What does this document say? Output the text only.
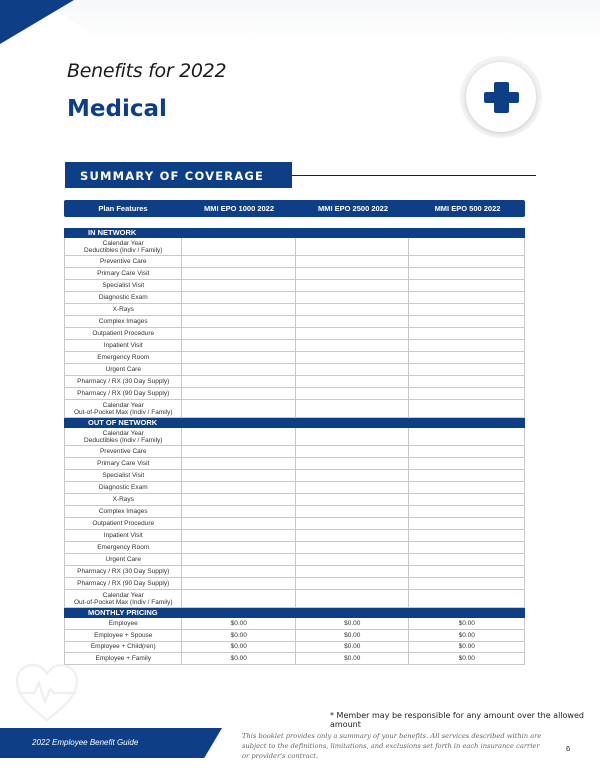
Benefits for 2022
Medical
SUMMARY OF COVERAGE
Plan Features	MMI EPO 1000 2022	MMI EPO 2500 2022	MMI EPO 500 2022
IN NETWORK
Calendar Year
Deductibles (Indiv / Family)
Preventive Care
Primary Care Visit
Specialist Visit
Diagnostic Exam
X-Rays
Complex Images
Outpatient Procedure
Inpatient Visit
Emergency Room
Urgent Care
Pharmacy / RX (30 Day Supply)
Pharmacy / RX (90 Day Supply)
Calendar Year
Out-of-Pocket Max (Indiv / Family)
OUT OF NETWORK
Calendar Year
Deductibles (Indiv / Family)
Preventive Care
Primary Care Visit
Specialist Visit
Diagnostic Exam
X-Rays
Complex Images
Outpatient Procedure
Inpatient Visit
Emergency Room
Urgent Care
Pharmacy / RX (30 Day Supply)
Pharmacy / RX (90 Day Supply)
Calendar Year
Out-of-Pocket Max (Indiv / Family)
MONTHLY PRICING
Employee	$0.00	$0.00	$0.00
Employee + Spouse	$0.00	$0.00	$0.00
Employee + Child(ren)	$0.00	$0.00	$0.00
Employee + Family	$0.00	$0.00	$0.00
* Member may be responsible for any amount over the allowed amount
2022 Employee Benefit Guide
This booklet provides only a summary of your benefits. All services described within are subject to the definitions, limitations, and exclusions set forth in each insurance carrier or provider's contract.
6
